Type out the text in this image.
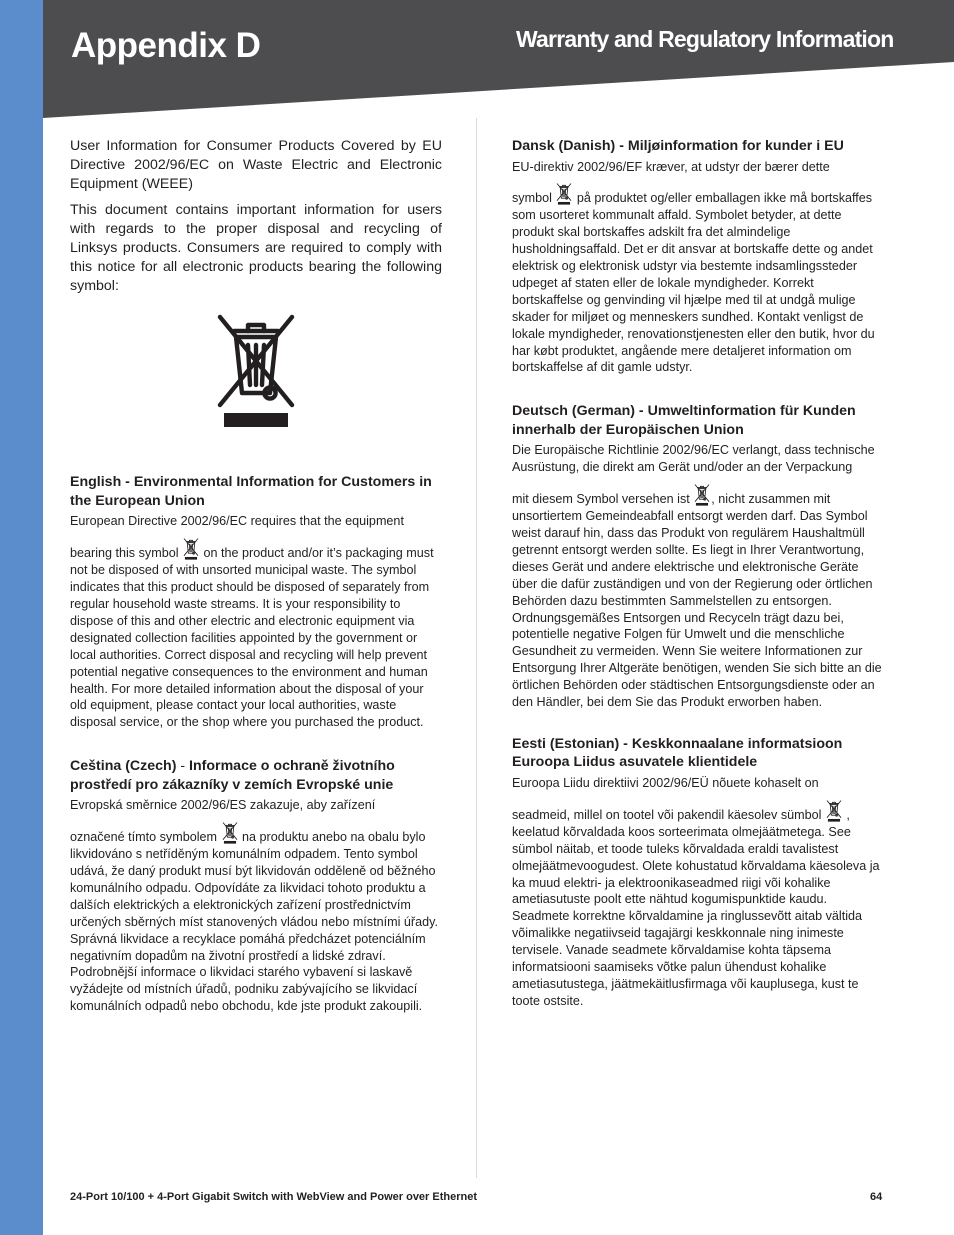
Appendix D	Warranty and Regulatory Information

User Information for Consumer Products Covered by EU Directive 2002/96/EC on Waste Electric and Electronic Equipment (WEEE)

This document contains important information for users with regards to the proper disposal and recycling of Linksys products. Consumers are required to comply with this notice for all electronic products bearing the following symbol:

English - Environmental Information for Customers in the European Union

European Directive 2002/96/EC requires that the equipment

bearing this symbol on the product and/or it’s packaging must not be disposed of with unsorted municipal waste. The symbol indicates that this product should be disposed of separately from regular household waste streams. It is your responsibility to dispose of this and other electric and electronic equipment via designated collection facilities appointed by the government or local authorities. Correct disposal and recycling will help prevent potential negative consequences to the environment and human health. For more detailed information about the disposal of your old equipment, please contact your local authorities, waste disposal service, or the shop where you purchased the product.

Ceština (Czech) - Informace o ochraně životního prostředí pro zákazníky v zemích Evropské unie

Evropská směrnice 2002/96/ES zakazuje, aby zařízení

označené tímto symbolem na produktu anebo na obalu bylo likvidováno s netříděným komunálním odpadem. Tento symbol udává, že daný produkt musí být likvidován odděleně od běžného komunálního odpadu. Odpovídáte za likvidaci tohoto produktu a dalších elektrických a elektronických zařízení prostřednictvím určených sběrných míst stanovených vládou nebo místními úřady. Správná likvidace a recyklace pomáhá předcházet potenciálním negativním dopadům na životní prostředí a lidské zdraví. Podrobnější informace o likvidaci starého vybavení si laskavě vyžádejte od místních úřadů, podniku zabývajícího se likvidací komunálních odpadů nebo obchodu, kde jste produkt zakoupili.

Dansk (Danish) - Miljøinformation for kunder i EU

EU-direktiv 2002/96/EF kræver, at udstyr der bærer dette

symbol på produktet og/eller emballagen ikke må bortskaffes som usorteret kommunalt affald. Symbolet betyder, at dette produkt skal bortskaffes adskilt fra det almindelige husholdningsaffald. Det er dit ansvar at bortskaffe dette og andet elektrisk og elektronisk udstyr via bestemte indsamlingssteder udpeget af staten eller de lokale myndigheder. Korrekt bortskaffelse og genvinding vil hjælpe med til at undgå mulige skader for miljøet og menneskers sundhed. Kontakt venligst de lokale myndigheder, renovationstjenesten eller den butik, hvor du har købt produktet, angående mere detaljeret information om bortskaffelse af dit gamle udstyr.

Deutsch (German) - Umweltinformation für Kunden innerhalb der Europäischen Union

Die Europäische Richtlinie 2002/96/EC verlangt, dass technische Ausrüstung, die direkt am Gerät und/oder an der Verpackung

mit diesem Symbol versehen ist , nicht zusammen mit unsortiertem Gemeindeabfall entsorgt werden darf. Das Symbol weist darauf hin, dass das Produkt von regulärem Haushaltmüll getrennt entsorgt werden sollte. Es liegt in Ihrer Verantwortung, dieses Gerät und andere elektrische und elektronische Geräte über die dafür zuständigen und von der Regierung oder örtlichen Behörden dazu bestimmten Sammelstellen zu entsorgen. Ordnungsgemäßes Entsorgen und Recyceln trägt dazu bei, potentielle negative Folgen für Umwelt und die menschliche Gesundheit zu vermeiden. Wenn Sie weitere Informationen zur Entsorgung Ihrer Altgeräte benötigen, wenden Sie sich bitte an die örtlichen Behörden oder städtischen Entsorgungsdienste oder an den Händler, bei dem Sie das Produkt erworben haben.

Eesti (Estonian) - Keskkonnaalane informatsioon Euroopa Liidus asuvatele klientidele

Euroopa Liidu direktiivi 2002/96/EÜ nõuete kohaselt on

seadmeid, millel on tootel või pakendil käesolev sümbol , keelatud kõrvaldada koos sorteerimata olmejäätmetega. See sümbol näitab, et toode tuleks kõrvaldada eraldi tavalistest olmejäätmevoogudest. Olete kohustatud kõrvaldama käesoleva ja ka muud elektri- ja elektroonikaseadmed riigi või kohalike ametiasutuste poolt ette nähtud kogumispunktide kaudu. Seadmete korrektne kõrvaldamine ja ringlussevõtt aitab vältida võimalikke negatiivseid tagajärgi keskkonnale ning inimeste tervisele. Vanade seadmete kõrvaldamise kohta täpsema informatsiooni saamiseks võtke palun ühendust kohalike ametiasutustega, jäätmekäitlusfirmaga või kauplusega, kust te toote ostsite.

24-Port 10/100 + 4-Port Gigabit Switch with WebView and Power over Ethernet	64
